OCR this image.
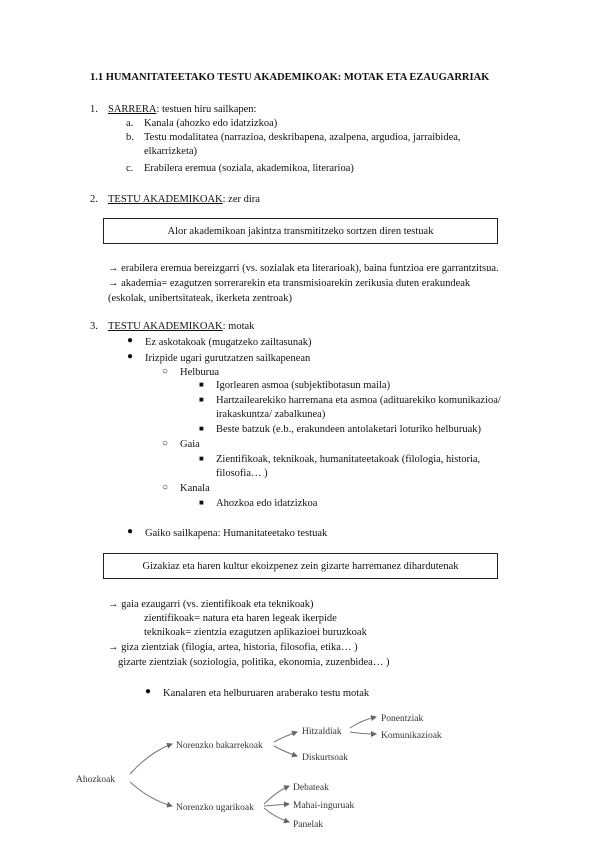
1.1 HUMANITATEETAKO TESTU AKADEMIKOAK: MOTAK ETA EZAUGARRIAK
1. SARRERA: testuen hiru sailkapen:
a. Kanala (ahozko edo idatzizkoa)
b. Testu modalitatea (narrazioa, deskribapena, azalpena, argudioa, jarraibidea,
elkarrizketa)
c. Erabilera eremua (soziala, akademikoa, literarioa)
2. TESTU AKADEMIKOAK: zer dira
Alor akademikoan jakintza transmititzeko sortzen diren testuak
→ erabilera eremua bereizgarri (vs. sozialak eta literarioak), baina funtzioa ere garrantzitsua.
→ akademia= ezagutzen sorrerarekin eta transmisioarekin zerikusia duten erakundeak
(eskolak, unibertsitateak, ikerketa zentroak)
3. TESTU AKADEMIKOAK: motak
● Ez askotakoak (mugatzeko zailtasunak)
● Irizpide ugari gurutzatzen sailkapenean
○ Helburua
■ Igorlearen asmoa (subjektibotasun maila)
■ Hartzailearekiko harremana eta asmoa (adituarekiko komunikazioa/
irakaskuntza/ zabalkunea)
■ Beste batzuk (e.b., erakundeen antolaketari loturiko helburuak)
○ Gaia
■ Zientifikoak, teknikoak, humanitateetakoak (filologia, historia,
filosofia… )
○ Kanala
■ Ahozkoa edo idatzizkoa
● Gaiko sailkapena: Humanitateetako testuak
Gizakiaz eta haren kultur ekoizpenez zein gizarte harremanez dihardutenak
→ gaia ezaugarri (vs. zientifikoak eta teknikoak)
zientifikoak= natura eta haren legeak ikerpide
teknikoak= zientzia ezagutzen aplikazioei buruzkoak
→ giza zientziak (filogia, artea, historia, filosofia, etika… )
gizarte zientziak (soziologia, politika, ekonomia, zuzenbidea… )
● Kanalaren eta helburuaren araberako testu motak
Ahozkoak
Norenzko bakarrekoak
Hitzaldiak
Ponentziak
Komunikazioak
Diskurtsoak
Norenzko ugarikoak
Debateak
Mahai-inguruak
Panelak
